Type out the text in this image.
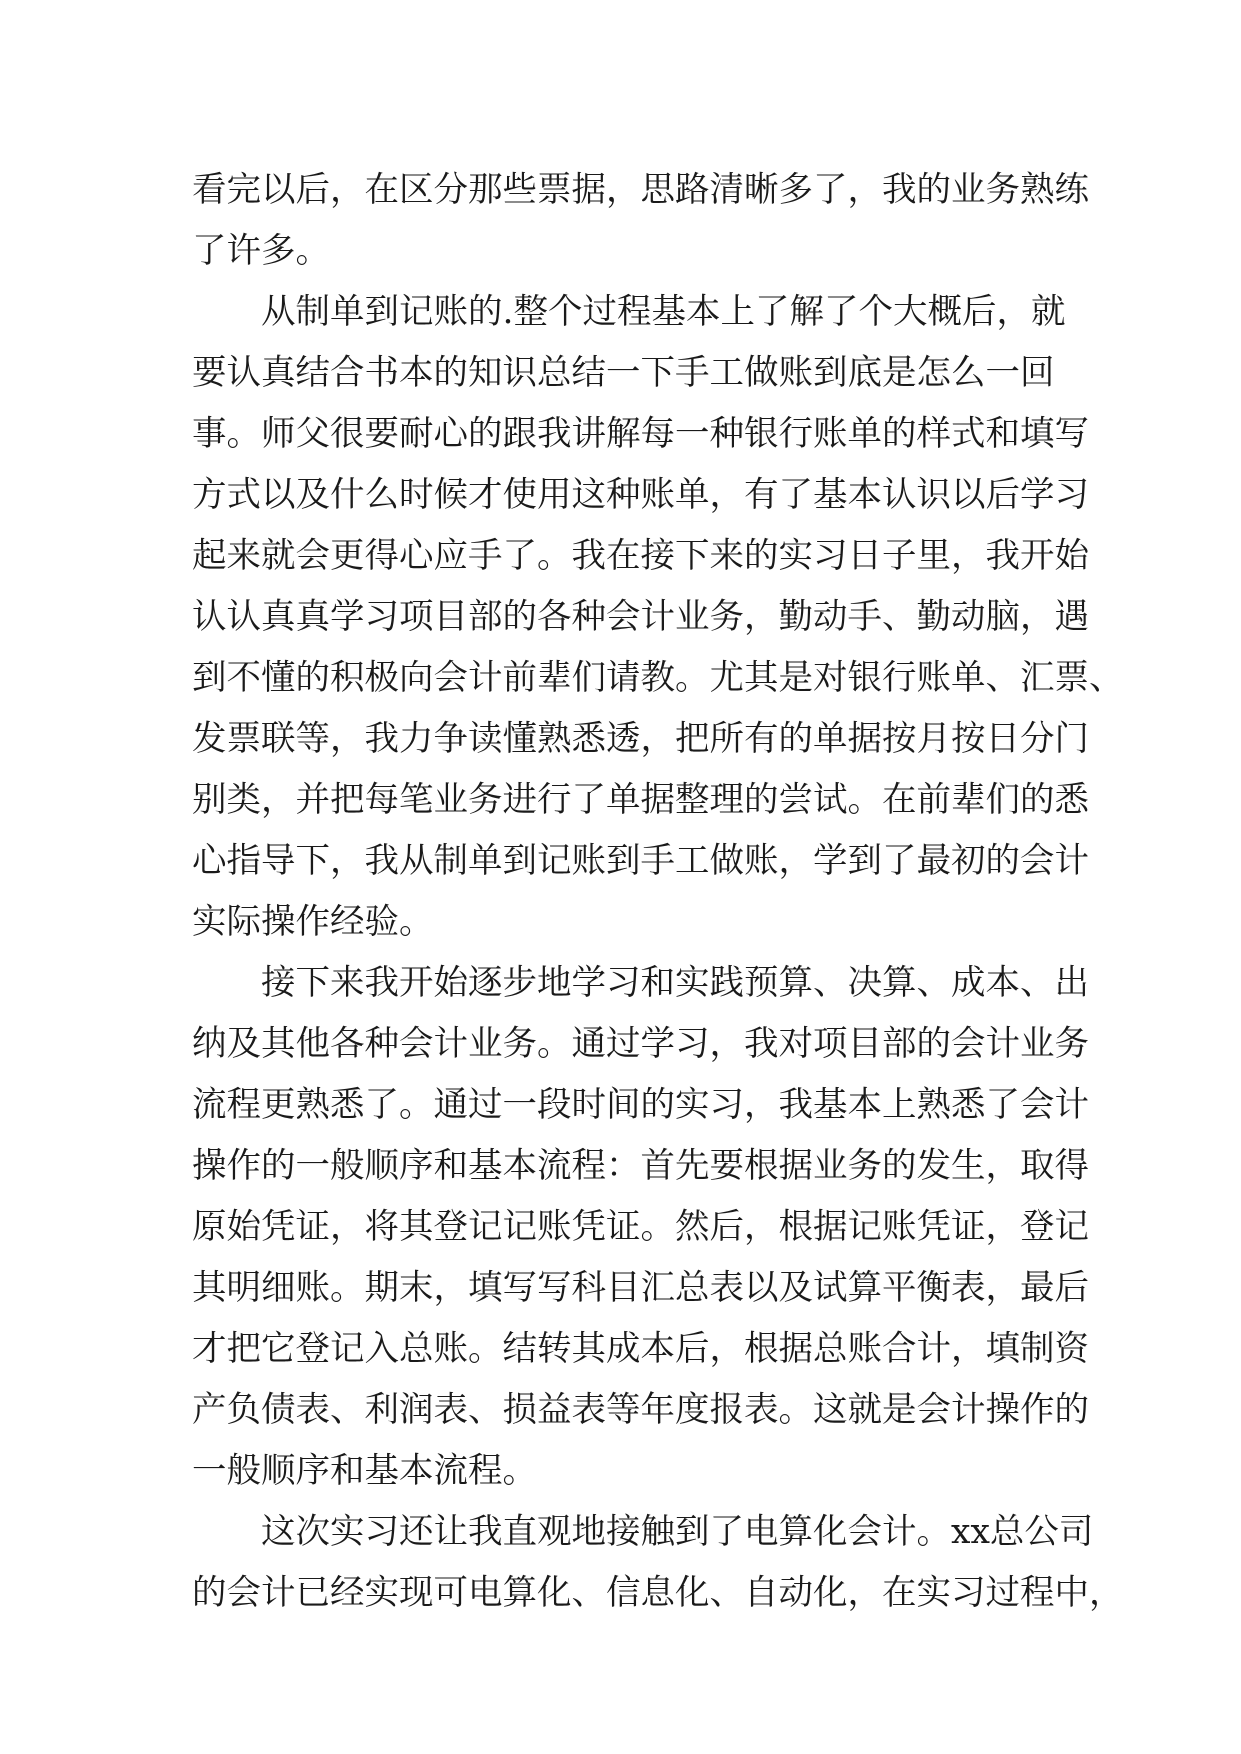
看完以后，在区分那些票据，思路清晰多了，我的业务熟练
了许多。
从制单到记账的.整个过程基本上了解了个大概后，就
要认真结合书本的知识总结一下手工做账到底是怎么一回
事。师父很要耐心的跟我讲解每一种银行账单的样式和填写
方式以及什么时候才使用这种账单，有了基本认识以后学习
起来就会更得心应手了。我在接下来的实习日子里，我开始
认认真真学习项目部的各种会计业务，勤动手、勤动脑，遇
到不懂的积极向会计前辈们请教。尤其是对银行账单、汇票、
发票联等，我力争读懂熟悉透，把所有的单据按月按日分门
别类，并把每笔业务进行了单据整理的尝试。在前辈们的悉
心指导下，我从制单到记账到手工做账，学到了最初的会计
实际操作经验。
接下来我开始逐步地学习和实践预算、决算、成本、出
纳及其他各种会计业务。通过学习，我对项目部的会计业务
流程更熟悉了。通过一段时间的实习，我基本上熟悉了会计
操作的一般顺序和基本流程：首先要根据业务的发生，取得
原始凭证，将其登记记账凭证。然后，根据记账凭证，登记
其明细账。期末，填写写科目汇总表以及试算平衡表，最后
才把它登记入总账。结转其成本后，根据总账合计，填制资
产负债表、利润表、损益表等年度报表。这就是会计操作的
一般顺序和基本流程。
这次实习还让我直观地接触到了电算化会计。xx总公司
的会计已经实现可电算化、信息化、自动化，在实习过程中，
